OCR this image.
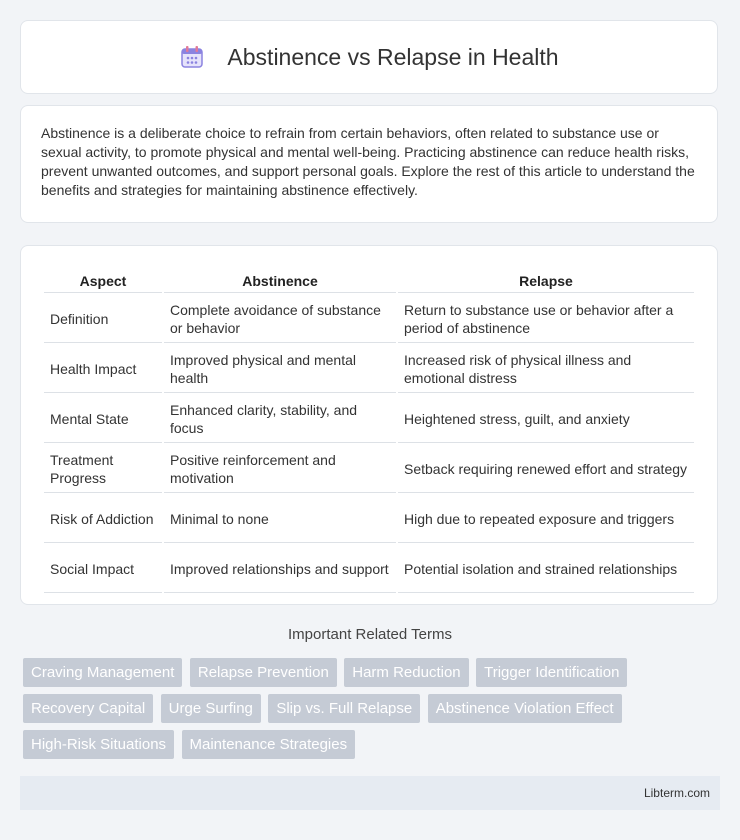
Abstinence vs Relapse in Health

Abstinence is a deliberate choice to refrain from certain behaviors, often related to substance use or sexual activity, to promote physical and mental well-being. Practicing abstinence can reduce health risks, prevent unwanted outcomes, and support personal goals. Explore the rest of this article to understand the benefits and strategies for maintaining abstinence effectively.

Aspect	Abstinence	Relapse
Definition	Complete avoidance of substance or behavior	Return to substance use or behavior after a period of abstinence
Health Impact	Improved physical and mental health	Increased risk of physical illness and emotional distress
Mental State	Enhanced clarity, stability, and focus	Heightened stress, guilt, and anxiety
Treatment Progress	Positive reinforcement and motivation	Setback requiring renewed effort and strategy
Risk of Addiction	Minimal to none	High due to repeated exposure and triggers
Social Impact	Improved relationships and support	Potential isolation and strained relationships
Important Related Terms
Craving Management Relapse Prevention Harm Reduction Trigger Identification Recovery Capital Urge Surfing Slip vs. Full Relapse Abstinence Violation Effect High-Risk Situations Maintenance Strategies
Libterm.com
